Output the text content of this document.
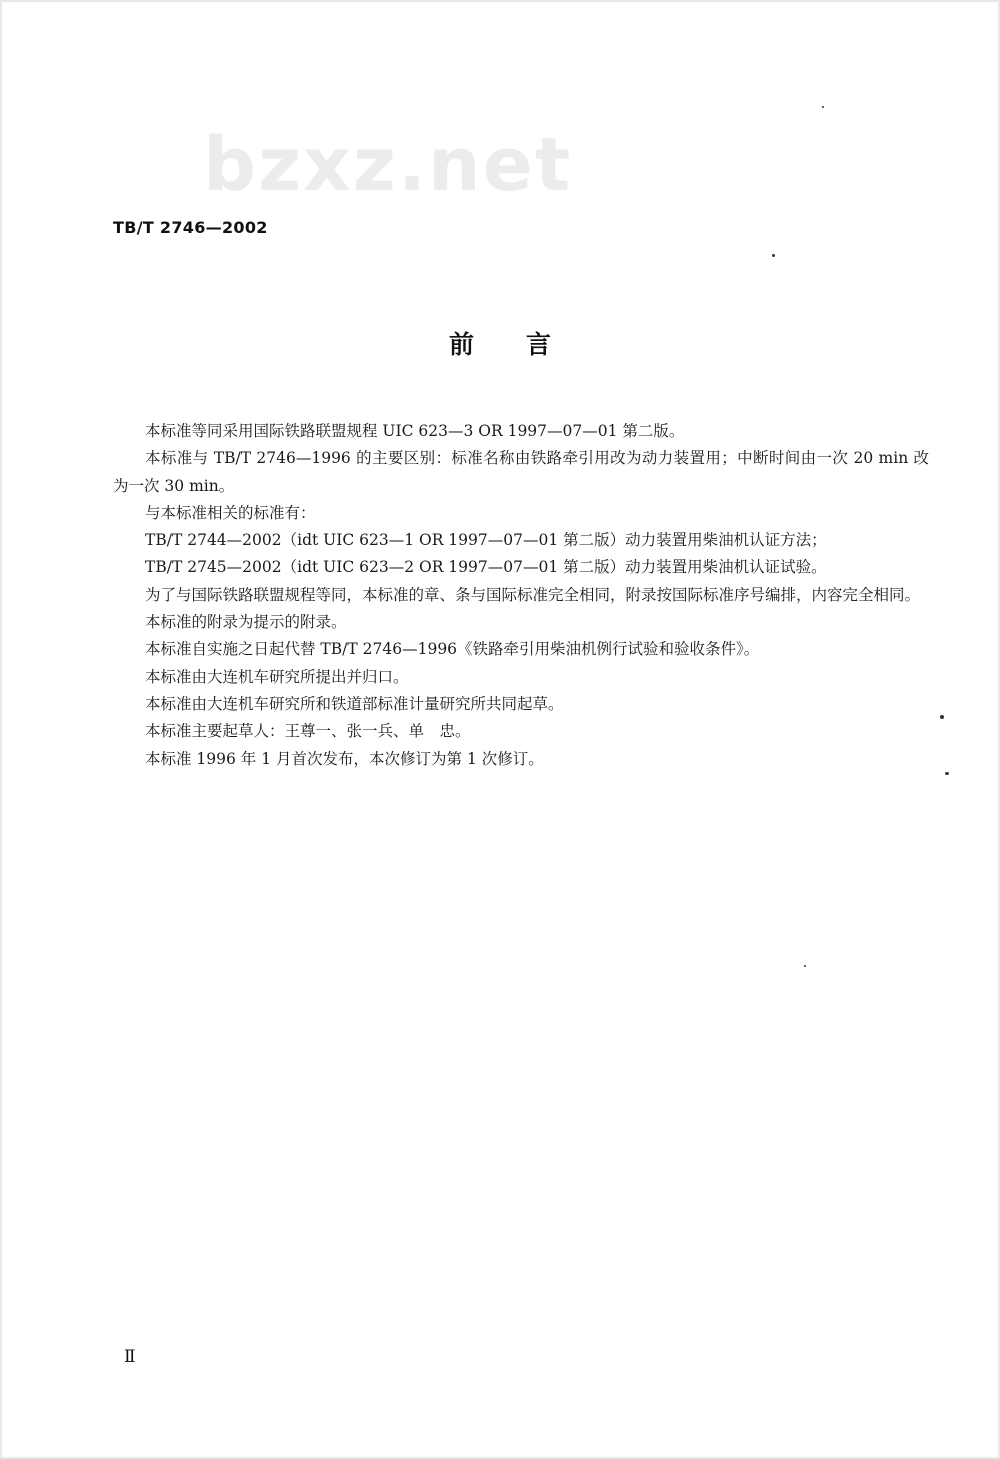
bzxz.net
TB/T 2746—2002
前言

本标准等同采用国际铁路联盟规程 UIC 623—3 OR 1997—07—01 第二版。

本标准与 TB/T 2746—1996 的主要区别：标准名称由铁路牵引用改为动力装置用；中断时间由一次 20 min 改为一次 30 min。

与本标准相关的标准有：

TB/T 2744—2002（idt UIC 623—1 OR 1997—07—01 第二版）动力装置用柴油机认证方法；

TB/T 2745—2002（idt UIC 623—2 OR 1997—07—01 第二版）动力装置用柴油机认证试验。

为了与国际铁路联盟规程等同，本标准的章、条与国际标准完全相同，附录按国际标准序号编排，内容完全相同。

本标准的附录为提示的附录。

本标准自实施之日起代替 TB/T 2746—1996《铁路牵引用柴油机例行试验和验收条件》。

本标准由大连机车研究所提出并归口。

本标准由大连机车研究所和铁道部标准计量研究所共同起草。

本标准主要起草人：王尊一、张一兵、单　忠。

本标准 1996 年 1 月首次发布，本次修订为第 1 次修订。

Ⅱ
